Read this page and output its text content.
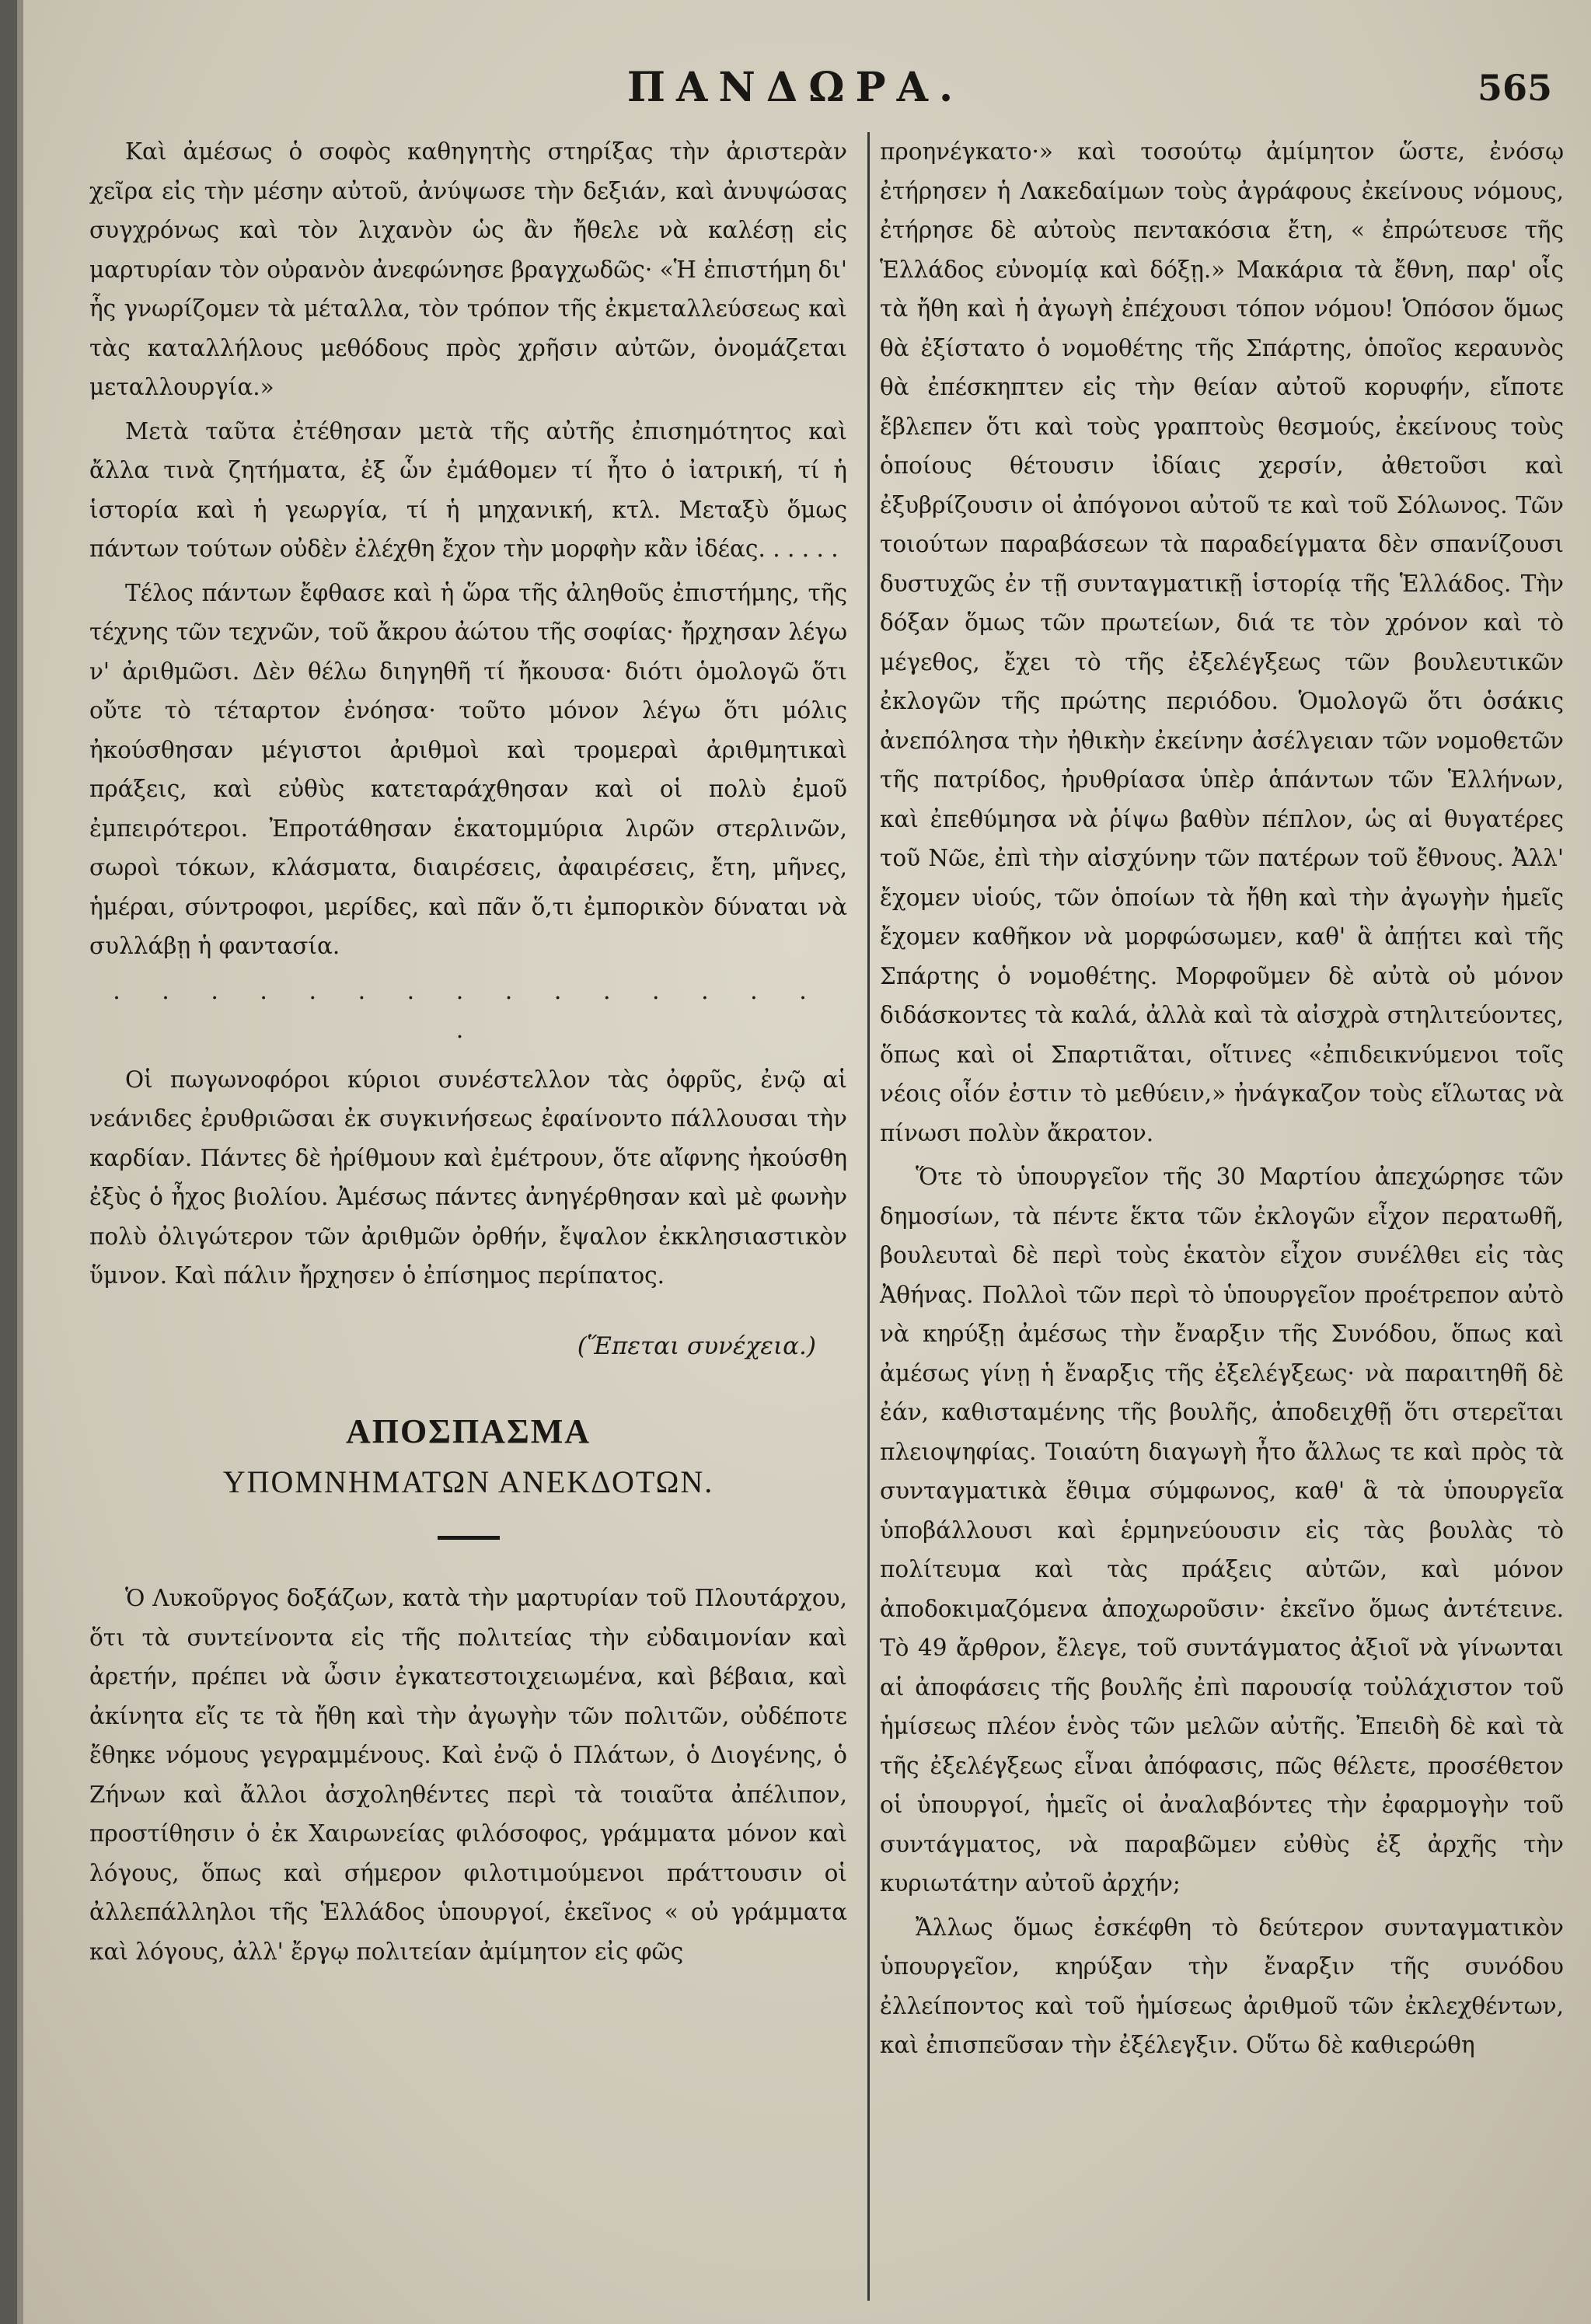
ΠΑΝΔΩΡΑ.	565

Καὶ ἀμέσως ὁ σοφὸς καθηγητὴς στηρίξας τὴν ἀριστερὰν χεῖρα εἰς τὴν μέσην αὐτοῦ, ἀνύψωσε τὴν δεξιάν, καὶ ἀνυψώσας συγχρόνως καὶ τὸν λιχανὸν ὡς ἂν ἤθελε νὰ καλέσῃ εἰς μαρτυρίαν τὸν οὐρανὸν ἀνεφώνησε βραγχωδῶς· «Ἡ ἐπιστήμη δι' ἧς γνωρίζομεν τὰ μέταλλα, τὸν τρόπον τῆς ἐκμεταλλεύσεως καὶ τὰς καταλλήλους μεθόδους πρὸς χρῆσιν αὐτῶν, ὀνομάζεται μεταλλουργία.»

Μετὰ ταῦτα ἐτέθησαν μετὰ τῆς αὐτῆς ἐπισημότητος καὶ ἄλλα τινὰ ζητήματα, ἐξ ὧν ἐμάθομεν τί ἦτο ὁ ἰατρική, τί ἡ ἱστορία καὶ ἡ γεωργία, τί ἡ μηχανική, κτλ. Μεταξὺ ὅμως πάντων τούτων οὐδὲν ἐλέχθη ἔχον τὴν μορφὴν κἂν ἰδέας. . . . . .

Τέλος πάντων ἔφθασε καὶ ἡ ὥρα τῆς ἀληθοῦς ἐπιστήμης, τῆς τέχνης τῶν τεχνῶν, τοῦ ἄκρου ἀώτου τῆς σοφίας· ἤρχησαν λέγω ν' ἀριθμῶσι. Δὲν θέλω διηγηθῆ τί ἤκουσα· διότι ὁμολογῶ ὅτι οὔτε τὸ τέταρτον ἐνόησα· τοῦτο μόνον λέγω ὅτι μόλις ἠκούσθησαν μέγιστοι ἀριθμοὶ καὶ τρομεραὶ ἀριθμητικαὶ πράξεις, καὶ εὐθὺς κατεταράχθησαν καὶ οἱ πολὺ ἐμοῦ ἐμπειρότεροι. Ἐπροτάθησαν ἑκατομμύρια λιρῶν στερλινῶν, σωροὶ τόκων, κλάσματα, διαιρέσεις, ἀφαιρέσεις, ἔτη, μῆνες, ἡμέραι, σύντροφοι, μερίδες, καὶ πᾶν ὅ,τι ἐμπορικὸν δύναται νὰ συλλάβῃ ἡ φαντασία.

. . . . . . . . . . . . . . . .

Οἱ πωγωνοφόροι κύριοι συνέστελλον τὰς ὀφρῦς, ἐνῷ αἱ νεάνιδες ἐρυθριῶσαι ἐκ συγκινήσεως ἐφαίνοντο πάλλουσαι τὴν καρδίαν. Πάντες δὲ ἠρίθμουν καὶ ἐμέτρουν, ὅτε αἴφνης ἠκούσθη ἐξὺς ὁ ἦχος βιολίου. Ἀμέσως πάντες ἀνηγέρθησαν καὶ μὲ φωνὴν πολὺ ὀλιγώτερον τῶν ἀριθμῶν ὀρθήν, ἔψαλον ἐκκλησιαστικὸν ὕμνον. Καὶ πάλιν ἤρχησεν ὁ ἐπίσημος περίπατος.

(Ἕπεται συνέχεια.)
ΑΠΟΣΠΑΣΜΑ
ΥΠΟΜΝΗΜΑΤΩΝ ΑΝΕΚΔΟΤΩΝ.

Ὁ Λυκοῦργος δοξάζων, κατὰ τὴν μαρτυρίαν τοῦ Πλουτάρχου, ὅτι τὰ συντείνοντα εἰς τῆς πολιτείας τὴν εὐδαιμονίαν καὶ ἀρετήν, πρέπει νὰ ὦσιν ἐγκατεστοιχειωμένα, καὶ βέβαια, καὶ ἀκίνητα εἴς τε τὰ ἤθη καὶ τὴν ἀγωγὴν τῶν πολιτῶν, οὐδέποτε ἔθηκε νόμους γεγραμμένους. Καὶ ἐνῷ ὁ Πλάτων, ὁ Διογένης, ὁ Ζήνων καὶ ἄλλοι ἀσχοληθέντες περὶ τὰ τοιαῦτα ἀπέλιπον, προστίθησιν ὁ ἐκ Χαιρωνείας φιλόσοφος, γράμματα μόνον καὶ λόγους, ὅπως καὶ σήμερον φιλοτιμούμενοι πράττουσιν οἱ ἀλλεπάλληλοι τῆς Ἑλλάδος ὑπουργοί, ἐκεῖνος « οὐ γράμματα καὶ λόγους, ἀλλ' ἔργῳ πολιτείαν ἀμίμητον εἰς φῶς

προηνέγκατο·» καὶ τοσούτῳ ἀμίμητον ὥστε, ἐνόσῳ ἐτήρησεν ἡ Λακεδαίμων τοὺς ἀγράφους ἐκείνους νόμους, ἐτήρησε δὲ αὐτοὺς πεντακόσια ἔτη, « ἐπρώτευσε τῆς Ἑλλάδος εὐνομίᾳ καὶ δόξῃ.» Μακάρια τὰ ἔθνη, παρ' οἷς τὰ ἤθη καὶ ἡ ἀγωγὴ ἐπέχουσι τόπον νόμου! Ὁπόσον ὅμως θὰ ἐξίστατο ὁ νομοθέτης τῆς Σπάρτης, ὁποῖος κεραυνὸς θὰ ἐπέσκηπτεν εἰς τὴν θείαν αὐτοῦ κορυφήν, εἴποτε ἔβλεπεν ὅτι καὶ τοὺς γραπτοὺς θεσμούς, ἐκείνους τοὺς ὁποίους θέτουσιν ἰδίαις χερσίν, ἀθετοῦσι καὶ ἐξυβρίζουσιν οἱ ἀπόγονοι αὐτοῦ τε καὶ τοῦ Σόλωνος. Τῶν τοιούτων παραβάσεων τὰ παραδείγματα δὲν σπανίζουσι δυστυχῶς ἐν τῇ συνταγματικῇ ἱστορίᾳ τῆς Ἑλλάδος. Τὴν δόξαν ὅμως τῶν πρωτείων, διά τε τὸν χρόνον καὶ τὸ μέγεθος, ἔχει τὸ τῆς ἐξελέγξεως τῶν βουλευτικῶν ἐκλογῶν τῆς πρώτης περιόδου. Ὁμολογῶ ὅτι ὁσάκις ἀνεπόλησα τὴν ἠθικὴν ἐκείνην ἀσέλγειαν τῶν νομοθετῶν τῆς πατρίδος, ἠρυθρίασα ὑπὲρ ἁπάντων τῶν Ἑλλήνων, καὶ ἐπεθύμησα νὰ ῥίψω βαθὺν πέπλον, ὡς αἱ θυγατέρες τοῦ Νῶε, ἐπὶ τὴν αἰσχύνην τῶν πατέρων τοῦ ἔθνους. Ἀλλ' ἔχομεν υἱούς, τῶν ὁποίων τὰ ἤθη καὶ τὴν ἀγωγὴν ἡμεῖς ἔχομεν καθῆκον νὰ μορφώσωμεν, καθ' ἃ ἀπῄτει καὶ τῆς Σπάρτης ὁ νομοθέτης. Μορφοῦμεν δὲ αὐτὰ οὐ μόνον διδάσκοντες τὰ καλά, ἀλλὰ καὶ τὰ αἰσχρὰ στηλιτεύοντες, ὅπως καὶ οἱ Σπαρτιᾶται, οἵτινες «ἐπιδεικνύμενοι τοῖς νέοις οἷόν ἐστιν τὸ μεθύειν,» ἠνάγκαζον τοὺς εἵλωτας νὰ πίνωσι πολὺν ἄκρατον.

Ὅτε τὸ ὑπουργεῖον τῆς 30 Μαρτίου ἀπεχώρησε τῶν δημοσίων, τὰ πέντε ἕκτα τῶν ἐκλογῶν εἶχον περατωθῆ, βουλευταὶ δὲ περὶ τοὺς ἑκατὸν εἶχον συνέλθει εἰς τὰς Ἀθήνας. Πολλοὶ τῶν περὶ τὸ ὑπουργεῖον προέτρεπον αὐτὸ νὰ κηρύξῃ ἀμέσως τὴν ἔναρξιν τῆς Συνόδου, ὅπως καὶ ἀμέσως γίνῃ ἡ ἔναρξις τῆς ἐξελέγξεως· νὰ παραιτηθῆ δὲ ἐάν, καθισταμένης τῆς βουλῆς, ἀποδειχθῇ ὅτι στερεῖται πλειοψηφίας. Τοιαύτη διαγωγὴ ἦτο ἄλλως τε καὶ πρὸς τὰ συνταγματικὰ ἔθιμα σύμφωνος, καθ' ἃ τὰ ὑπουργεῖα ὑποβάλλουσι καὶ ἑρμηνεύουσιν εἰς τὰς βουλὰς τὸ πολίτευμα καὶ τὰς πράξεις αὐτῶν, καὶ μόνον ἀποδοκιμαζόμενα ἀποχωροῦσιν· ἐκεῖνο ὅμως ἀντέτεινε. Τὸ 49 ἄρθρον, ἔλεγε, τοῦ συντάγματος ἀξιοῖ νὰ γίνωνται αἱ ἀποφάσεις τῆς βουλῆς ἐπὶ παρουσίᾳ τοὐλάχιστον τοῦ ἡμίσεως πλέον ἑνὸς τῶν μελῶν αὐτῆς. Ἐπειδὴ δὲ καὶ τὰ τῆς ἐξελέγξεως εἶναι ἀπόφασις, πῶς θέλετε, προσέθετον οἱ ὑπουργοί, ἡμεῖς οἱ ἀναλαβόντες τὴν ἐφαρμογὴν τοῦ συντάγματος, νὰ παραβῶμεν εὐθὺς ἐξ ἀρχῆς τὴν κυριωτάτην αὐτοῦ ἀρχήν;

Ἄλλως ὅμως ἐσκέφθη τὸ δεύτερον συνταγματικὸν ὑπουργεῖον, κηρύξαν τὴν ἔναρξιν τῆς συνόδου ἐλλείποντος καὶ τοῦ ἡμίσεως ἀριθμοῦ τῶν ἐκλεχθέντων, καὶ ἐπισπεῦσαν τὴν ἐξέλεγξιν. Οὕτω δὲ καθιερώθη
